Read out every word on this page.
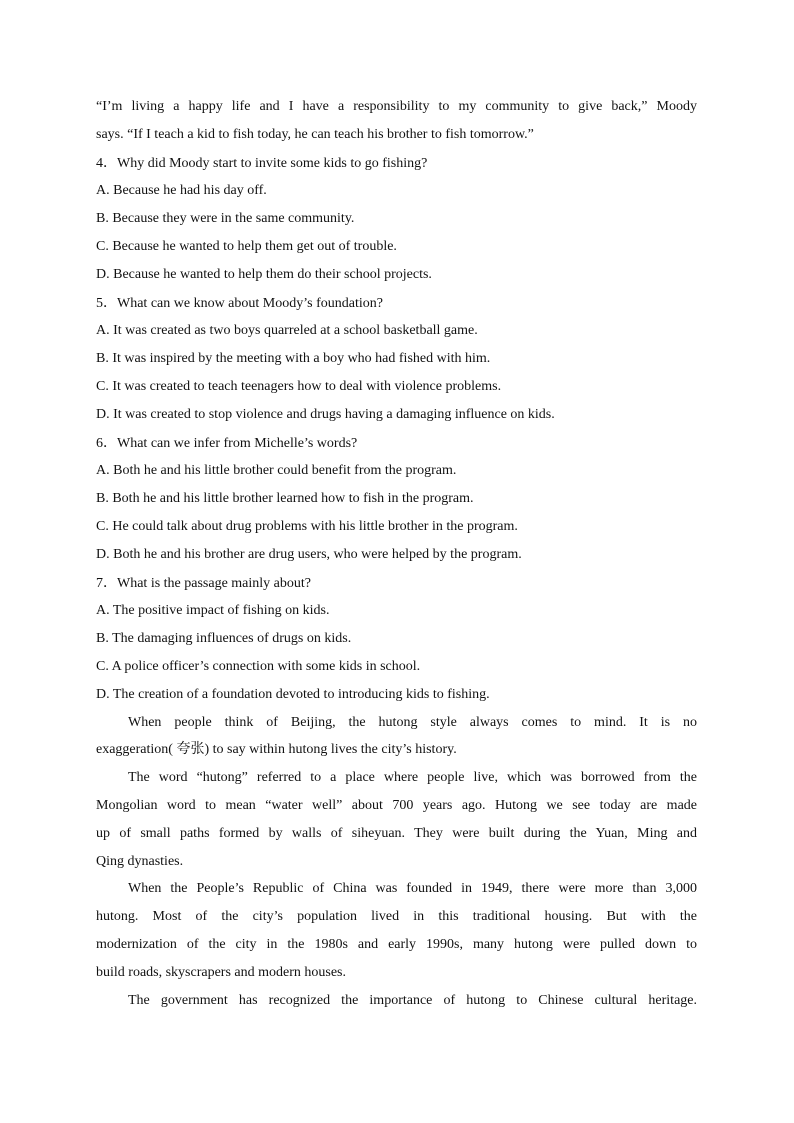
“I’m living a happy life and I have a responsibility to my community to give back,” Moody
says. “If I teach a kid to fish today, he can teach his brother to fish tomorrow.”
4．Why did Moody start to invite some kids to go fishing?
A. Because he had his day off.
B. Because they were in the same community.
C. Because he wanted to help them get out of trouble.
D. Because he wanted to help them do their school projects.
5．What can we know about Moody’s foundation?
A. It was created as two boys quarreled at a school basketball game.
B. It was inspired by the meeting with a boy who had fished with him.
C. It was created to teach teenagers how to deal with violence problems.
D. It was created to stop violence and drugs having a damaging influence on kids.
6．What can we infer from Michelle’s words?
A. Both he and his little brother could benefit from the program.
B. Both he and his little brother learned how to fish in the program.
C. He could talk about drug problems with his little brother in the program.
D. Both he and his brother are drug users, who were helped by the program.
7．What is the passage mainly about?
A. The positive impact of fishing on kids.
B. The damaging influences of drugs on kids.
C. A police officer’s connection with some kids in school.
D. The creation of a foundation devoted to introducing kids to fishing.
When people think of Beijing, the hutong style always comes to mind. It is no
exaggeration( 夸张) to say within hutong lives the city’s history.
The word “hutong” referred to a place where people live, which was borrowed from the
Mongolian word to mean “water well” about 700 years ago. Hutong we see today are made
up of small paths formed by walls of siheyuan. They were built during the Yuan, Ming and
Qing dynasties.
When the People’s Republic of China was founded in 1949, there were more than 3,000
hutong. Most of the city’s population lived in this traditional housing. But with the
modernization of the city in the 1980s and early 1990s, many hutong were pulled down to
build roads, skyscrapers and modern houses.
The government has recognized the importance of hutong to Chinese cultural heritage.
